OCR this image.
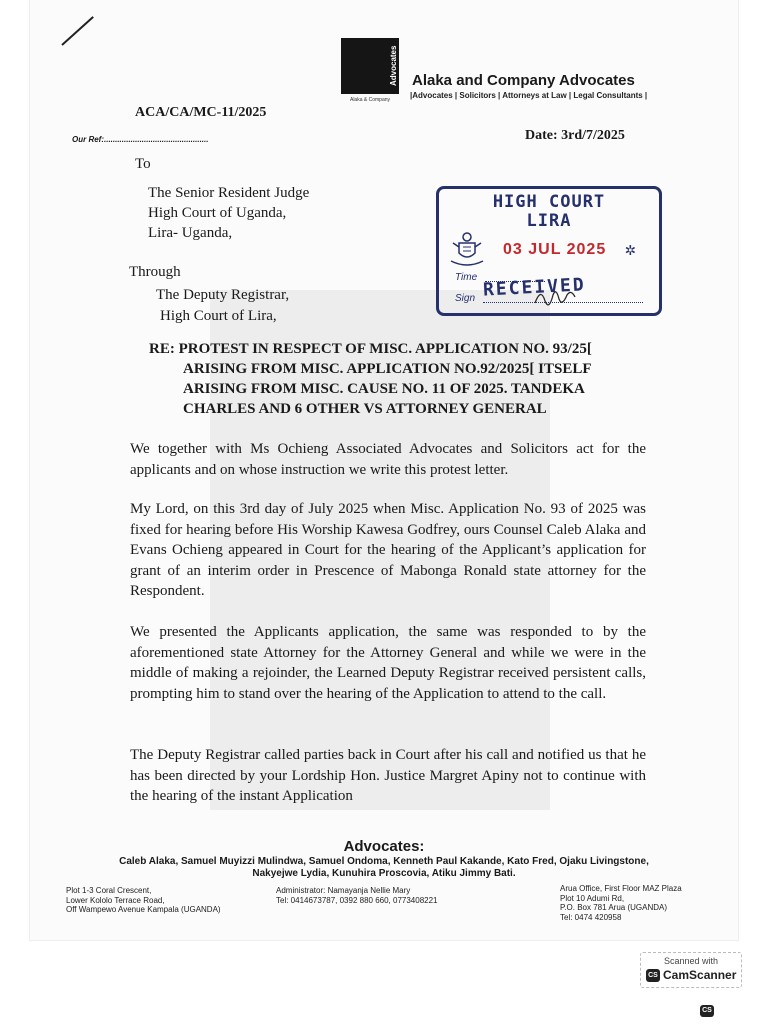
a Advocates
Alaka & Company
Alaka and Company Advocates
|Advocates | Solicitors | Attorneys at Law | Legal Consultants |
ACA/CA/MC-11/2025
Our Ref:...............................................	Date: 3rd/7/2025
To
The Senior Resident Judge
High Court of Uganda,
Lira- Uganda,
Through
The Deputy Registrar,
High Court of Lira,
HIGH COURT
LIRA
03 JUL 2025 ✲
Time RECEIVED
Sign
RE: PROTEST IN RESPECT OF MISC. APPLICATION NO. 93/25[
ARISING FROM MISC. APPLICATION NO.92/2025[ ITSELF
ARISING FROM MISC. CAUSE NO. 11 OF 2025. TANDEKA
CHARLES AND 6 OTHER VS ATTORNEY GENERAL
We together with Ms Ochieng Associated Advocates and Solicitors act for the applicants and on whose instruction we write this protest letter.
My Lord, on this 3rd day of July 2025 when Misc. Application No. 93 of 2025 was fixed for hearing before His Worship Kawesa Godfrey, ours Counsel Caleb Alaka and Evans Ochieng appeared in Court for the hearing of the Applicant’s application for grant of an interim order in Prescence of Mabonga Ronald state attorney for the Respondent.
We presented the Applicants application, the same was responded to by the aforementioned state Attorney for the Attorney General and while we were in the middle of making a rejoinder, the Learned Deputy Registrar received persistent calls, prompting him to stand over the hearing of the Application to attend to the call.
The Deputy Registrar called parties back in Court after his call and notified us that he has been directed by your Lordship Hon. Justice Margret Apiny not to continue with the hearing of the instant Application
Advocates:
Caleb Alaka, Samuel Muyizzi Mulindwa, Samuel Ondoma, Kenneth Paul Kakande, Kato Fred, Ojaku Livingstone,
Nakyejwe Lydia, Kunuhira Proscovia, Atiku Jimmy Bati.
Plot 1-3 Coral Crescent,
Lower Kololo Terrace Road,
Off Wampewo Avenue Kampala (UGANDA)
Administrator: Namayanja Nellie Mary
Tel: 0414673787, 0392 880 660, 0773408221
Arua Office, First Floor MAZ Plaza
Plot 10 Adumi Rd,
P.O. Box 781 Arua (UGANDA)
Tel: 0474 420958
Scanned with
CS CamScanner
CS
